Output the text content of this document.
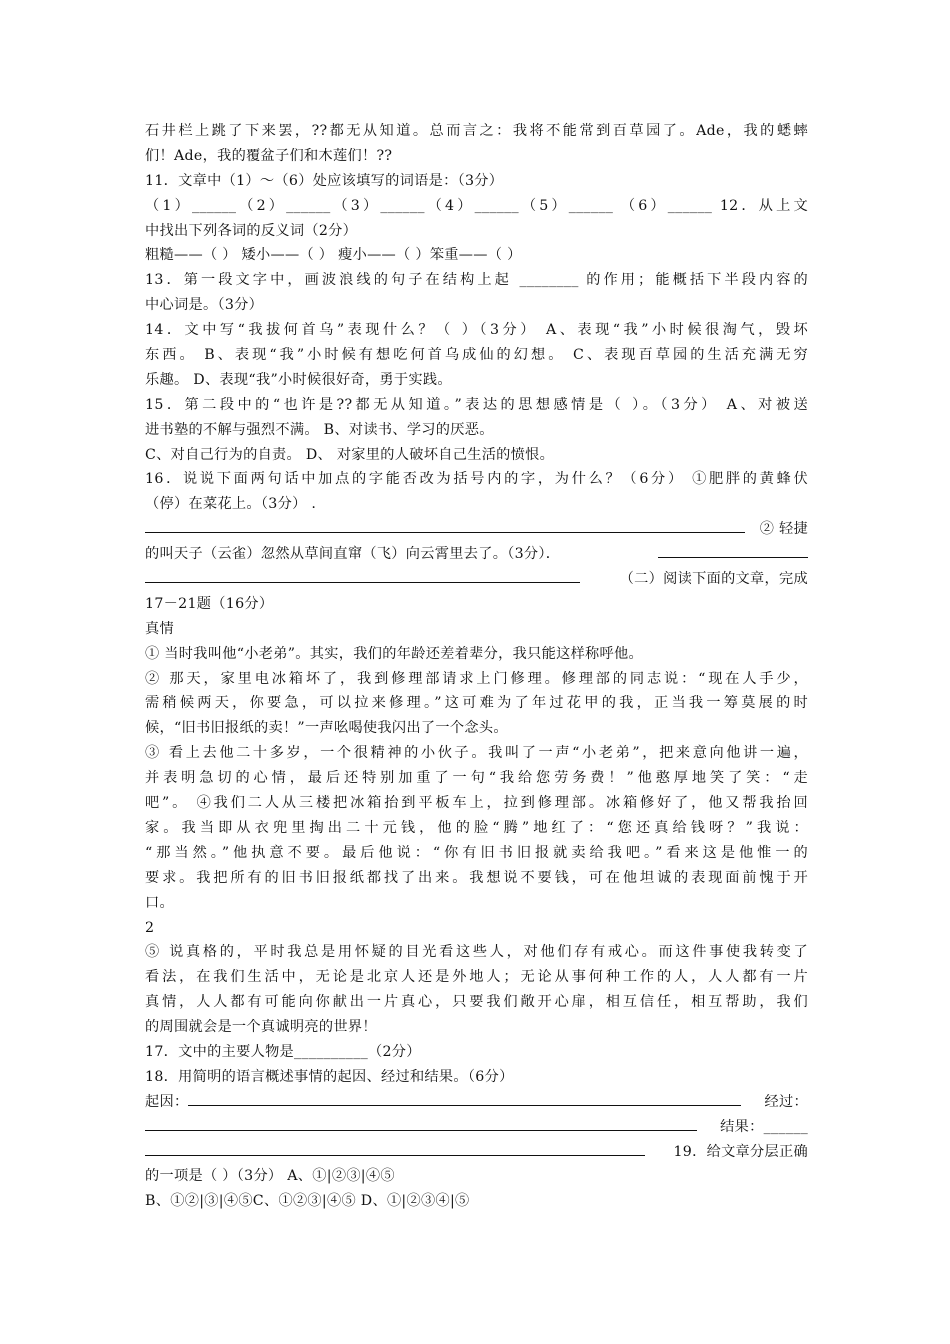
石井栏上跳了下来罢，??都无从知道。总而言之：我将不能常到百草园了。Ade，我的蟋蟀
们！Ade，我的覆盆子们和木莲们！??
11．文章中（1）～（6）处应该填写的词语是：（3分）
（1）______（2）______（3）______（4）______（5）______ （6）______ 12．从上文
中找出下列各词的反义词（2分）
粗糙——（ ） 矮小——（ ） 瘦小——（ ）笨重——（ ）
13．第一段文字中，画波浪线的句子在结构上起 ________ 的作用；能概括下半段内容的
中心词是。（3分）
14．文中写“我拔何首乌”表现什么？（ ）（3分） A、表现“我”小时候很淘气，毁坏
东西。 B、表现“我”小时候有想吃何首乌成仙的幻想。 C、表现百草园的生活充满无穷
乐趣。 D、表现“我”小时候很好奇，勇于实践。
15．第二段中的“也许是??都无从知道。”表达的思想感情是（ ）。（3分） A、对被送
进书塾的不解与强烈不满。 B、对读书、学习的厌恶。
C、对自己行为的自责。 D、 对家里的人破坏自己生活的愤恨。
16．说说下面两句话中加点的字能否改为括号内的字，为什么？（6分） ①肥胖的黄蜂伏
（停）在菜花上。（3分） .
② 轻捷
的叫天子（云雀）忽然从草间直窜（飞）向云霄里去了。（3分）．
（二）阅读下面的文章，完成
17－21题（16分）
真情
① 当时我叫他“小老弟”。其实，我们的年龄还差着辈分，我只能这样称呼他。
② 那天，家里电冰箱坏了，我到修理部请求上门修理。修理部的同志说：“现在人手少，
需稍候两天，你要急，可以拉来修理。”这可难为了年过花甲的我，正当我一筹莫展的时
候，“旧书旧报纸的卖！”一声吆喝使我闪出了一个念头。
③ 看上去他二十多岁，一个很精神的小伙子。我叫了一声“小老弟”，把来意向他讲一遍，
并表明急切的心情，最后还特别加重了一句“我给您劳务费！”他憨厚地笑了笑：“走
吧”。 ④我们二人从三楼把冰箱抬到平板车上，拉到修理部。冰箱修好了，他又帮我抬回
家。我当即从衣兜里掏出二十元钱，他的脸“腾”地红了：“您还真给钱呀？”我说：
“那当然。”他执意不要。最后他说：“你有旧书旧报就卖给我吧。”看来这是他惟一的
要求。我把所有的旧书旧报纸都找了出来。我想说不要钱，可在他坦诚的表现面前愧于开
口。
2
⑤ 说真格的，平时我总是用怀疑的目光看这些人，对他们存有戒心。而这件事使我转变了
看法，在我们生活中，无论是北京人还是外地人；无论从事何种工作的人，人人都有一片
真情，人人都有可能向你献出一片真心，只要我们敞开心扉，相互信任，相互帮助，我们
的周围就会是一个真诚明亮的世界！
17．文中的主要人物是__________（2分）
18．用简明的语言概述事情的起因、经过和结果。（6分）
起因：	经过：
结果：______
19．给文章分层正确
的一项是（ ）（3分） A、①|②③|④⑤
B、①②|③|④⑤C、①②③|④⑤ D、①|②③④|⑤
